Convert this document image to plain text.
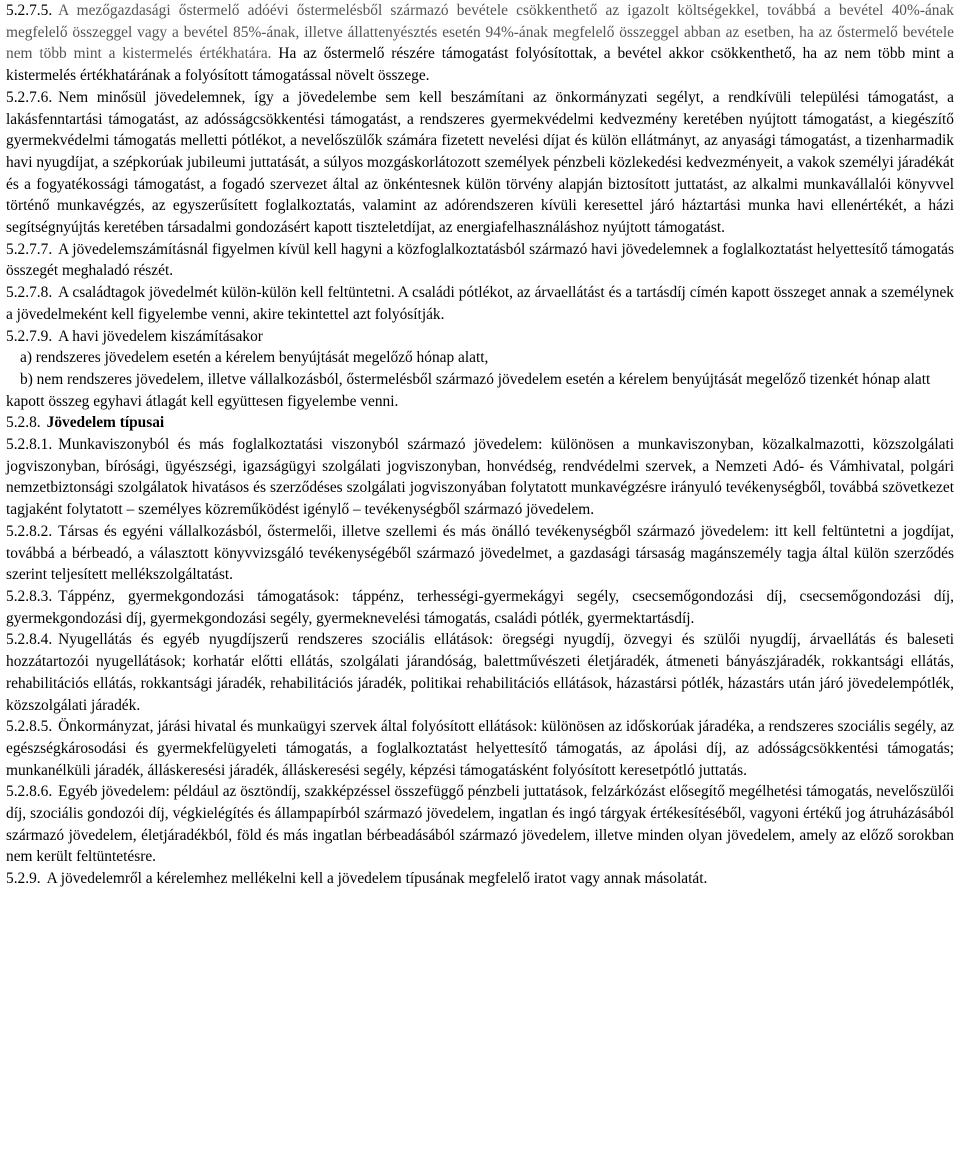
5.2.7.5. A mezőgazdasági őstermelő adóévi őstermelésből származó bevétele csökkenthető az igazolt költségekkel, továbbá a bevétel 40%-ának megfelelő összeggel vagy a bevétel 85%-ának, illetve állattenyésztés esetén 94%-ának megfelelő összeggel abban az esetben, ha az őstermelő bevétele nem több mint a kistermelés értékhatára. Ha az őstermelő részére támogatást folyósítottak, a bevétel akkor csökkenthető, ha az nem több mint a kistermelés értékhatárának a folyósított támogatással növelt összege.

5.2.7.6. Nem minősül jövedelemnek, így a jövedelembe sem kell beszámítani az önkormányzati segélyt, a rendkívüli települési támogatást, a lakásfenntartási támogatást, az adósságcsökkentési támogatást, a rendszeres gyermekvédelmi kedvezmény keretében nyújtott támogatást, a kiegészítő gyermekvédelmi támogatás melletti pótlékot, a nevelőszülők számára fizetett nevelési díjat és külön ellátmányt, az anyasági támogatást, a tizenharmadik havi nyugdíjat, a szépkorúak jubileumi juttatását, a súlyos mozgáskorlátozott személyek pénzbeli közlekedési kedvezményeit, a vakok személyi járadékát és a fogyatékossági támogatást, a fogadó szervezet által az önkéntesnek külön törvény alapján biztosított juttatást, az alkalmi munkavállalói könyvvel történő munkavégzés, az egyszerűsített foglalkoztatás, valamint az adórendszeren kívüli keresettel járó háztartási munka havi ellenértékét, a házi segítségnyújtás keretében társadalmi gondozásért kapott tiszteletdíjat, az energiafelhasználáshoz nyújtott támogatást.

5.2.7.7. A jövedelemszámításnál figyelmen kívül kell hagyni a közfoglalkoztatásból származó havi jövedelemnek a foglalkoztatást helyettesítő támogatás összegét meghaladó részét.

5.2.7.8. A családtagok jövedelmét külön-külön kell feltüntetni. A családi pótlékot, az árvaellátást és a tartásdíj címén kapott összeget annak a személynek a jövedelmeként kell figyelembe venni, akire tekintettel azt folyósítják.

5.2.7.9. A havi jövedelem kiszámításakor

a) rendszeres jövedelem esetén a kérelem benyújtását megelőző hónap alatt,

b) nem rendszeres jövedelem, illetve vállalkozásból, őstermelésből származó jövedelem esetén a kérelem benyújtását megelőző tizenkét hónap alatt

kapott összeg egyhavi átlagát kell együttesen figyelembe venni.

5.2.8. Jövedelem típusai

5.2.8.1. Munkaviszonyból és más foglalkoztatási viszonyból származó jövedelem: különösen a munkaviszonyban, közalkalmazotti, közszolgálati jogviszonyban, bírósági, ügyészségi, igazságügyi szolgálati jogviszonyban, honvédség, rendvédelmi szervek, a Nemzeti Adó- és Vámhivatal, polgári nemzetbiztonsági szolgálatok hivatásos és szerződéses szolgálati jogviszonyában folytatott munkavégzésre irányuló tevékenységből, továbbá szövetkezet tagjaként folytatott – személyes közreműködést igénylő – tevékenységből származó jövedelem.

5.2.8.2. Társas és egyéni vállalkozásból, őstermelői, illetve szellemi és más önálló tevékenységből származó jövedelem: itt kell feltüntetni a jogdíjat, továbbá a bérbeadó, a választott könyvvizsgáló tevékenységéből származó jövedelmet, a gazdasági társaság magánszemély tagja által külön szerződés szerint teljesített mellékszolgáltatást.

5.2.8.3. Táppénz, gyermekgondozási támogatások: táppénz, terhességi-gyermekágyi segély, csecsemőgondozási díj, csecsemőgondozási díj, gyermekgondozási díj, gyermekgondozási segély, gyermeknevelési támogatás, családi pótlék, gyermektartásdíj.

5.2.8.4. Nyugellátás és egyéb nyugdíjszerű rendszeres szociális ellátások: öregségi nyugdíj, özvegyi és szülői nyugdíj, árvaellátás és baleseti hozzátartozói nyugellátások; korhatár előtti ellátás, szolgálati járandóság, balettművészeti életjáradék, átmeneti bányászjáradék, rokkantsági ellátás, rehabilitációs ellátás, rokkantsági járadék, rehabilitációs járadék, politikai rehabilitációs ellátások, házastársi pótlék, házastárs után járó jövedelempótlék, közszolgálati járadék.

5.2.8.5. Önkormányzat, járási hivatal és munkaügyi szervek által folyósított ellátások: különösen az időskorúak járadéka, a rendszeres szociális segély, az egészségkárosodási és gyermekfelügyeleti támogatás, a foglalkoztatást helyettesítő támogatás, az ápolási díj, az adósságcsökkentési támogatás; munkanélküli járadék, álláskeresési járadék, álláskeresési segély, képzési támogatásként folyósított keresetpótló juttatás.

5.2.8.6. Egyéb jövedelem: például az ösztöndíj, szakképzéssel összefüggő pénzbeli juttatások, felzárkózást elősegítő megélhetési támogatás, nevelőszülői díj, szociális gondozói díj, végkielégítés és állampapírból származó jövedelem, ingatlan és ingó tárgyak értékesítéséből, vagyoni értékű jog átruházásából származó jövedelem, életjáradékból, föld és más ingatlan bérbeadásából származó jövedelem, illetve minden olyan jövedelem, amely az előző sorokban nem került feltüntetésre.

5.2.9. A jövedelemről a kérelemhez mellékelni kell a jövedelem típusának megfelelő iratot vagy annak másolatát.
